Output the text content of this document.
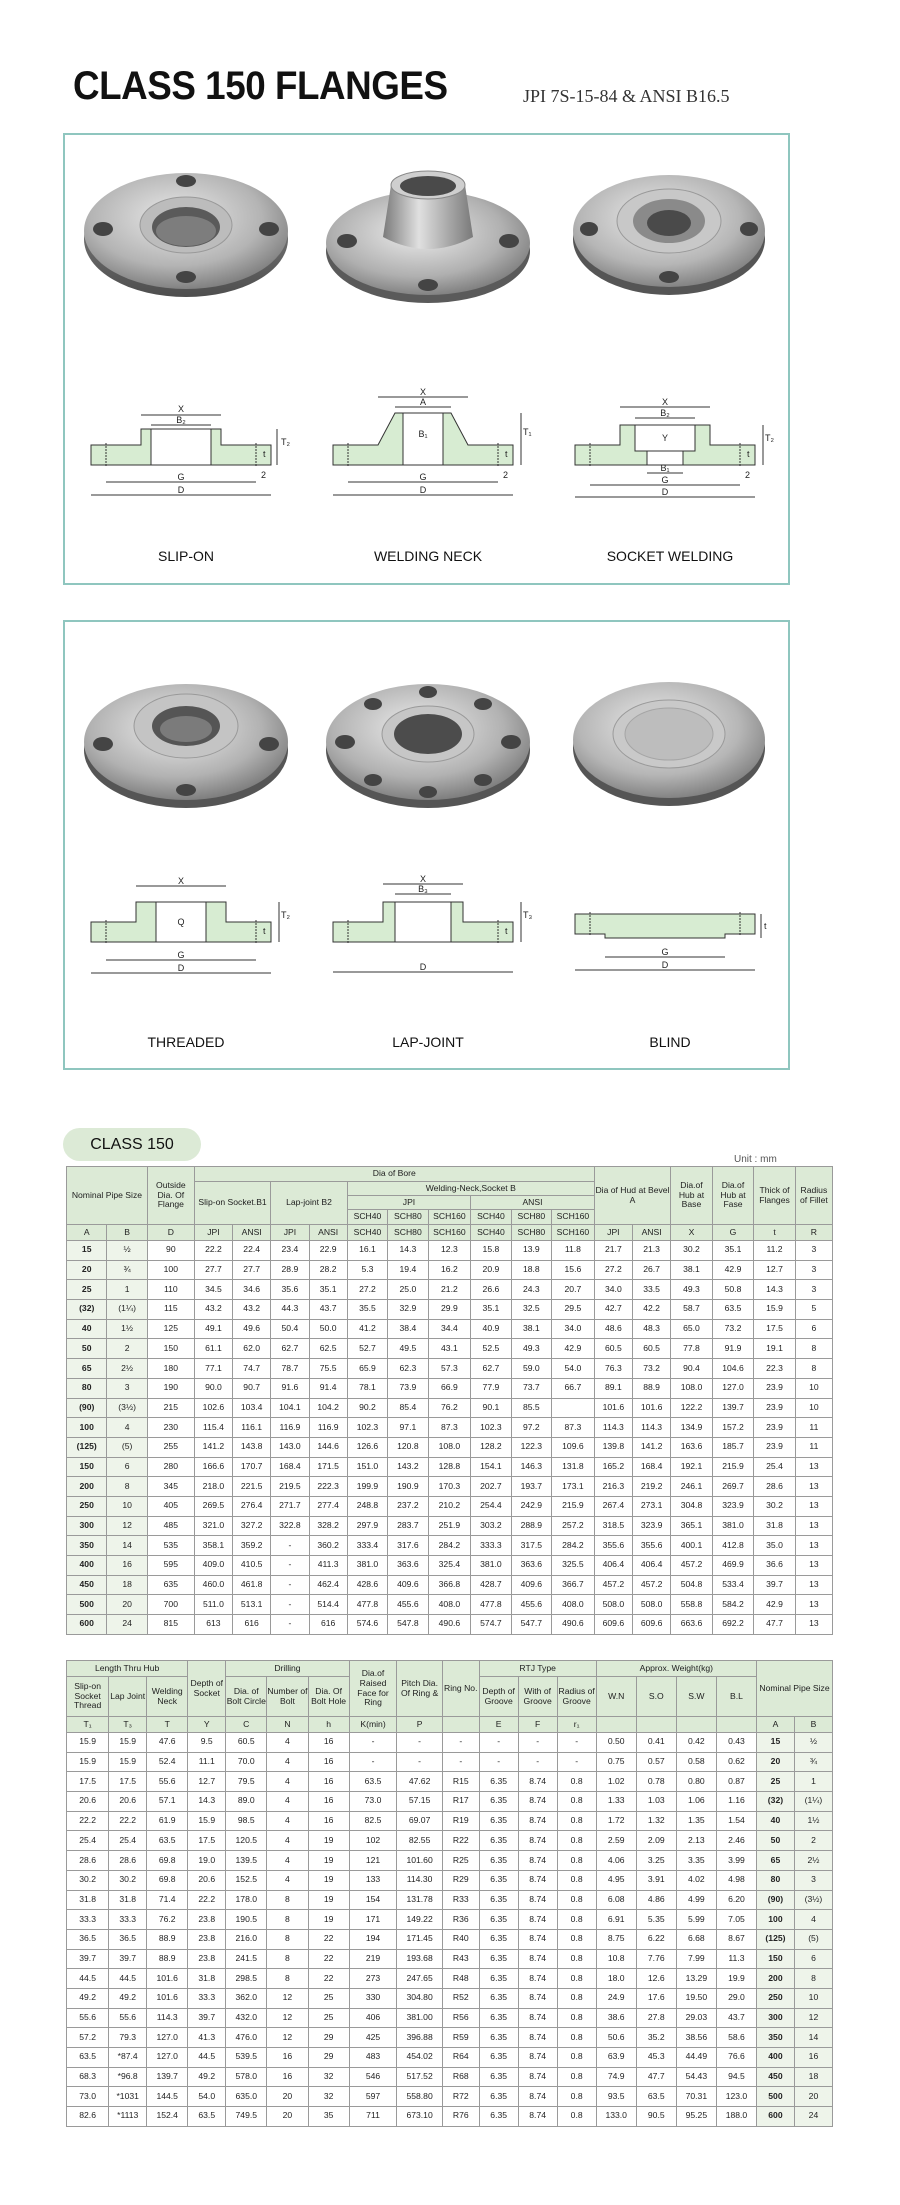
CLASS 150 FLANGES	JPI 7S-15-84 & ANSI B16.5
X
B₂
G
D
T₂
t
2
SLIP-ON
X
A
B₁
G
D
T₁
t
2
WELDING NECK
X
B₂
Y
B₁
G
D
T₂
t
2
SOCKET WELDING
X
Q
G
D
T₂
t
THREADED
X
B₃
D
T₃
t
LAP-JOINT
G
D
t
BLIND
CLASS 150
Unit : mm
Nominal Pipe Size		Outside Dia. Of Flange	Dia of Bore										Dia of Hud at Bevel A		Dia.of Hub at Base	Dia.of Hub at Fase	Thick of Flanges	Radius of Fillet
			Slip-on Socket.B1		Lap-joint B2		Welding-Neck,Socket B											
							JPI			ANSI								
							SCH40	SCH80	SCH160	SCH40	SCH80	SCH160						
A	B	D	JPI	ANSI	JPI	ANSI	SCH40	SCH80	SCH160	SCH40	SCH80	SCH160	JPI	ANSI	X	G	t	R
15	½	90	22.2	22.4	23.4	22.9	16.1	14.3	12.3	15.8	13.9	11.8	21.7	21.3	30.2	35.1	11.2	3
20	¾	100	27.7	27.7	28.9	28.2	5.3	19.4	16.2	20.9	18.8	15.6	27.2	26.7	38.1	42.9	12.7	3
25	1	110	34.5	34.6	35.6	35.1	27.2	25.0	21.2	26.6	24.3	20.7	34.0	33.5	49.3	50.8	14.3	3
(32)	(1¼)	115	43.2	43.2	44.3	43.7	35.5	32.9	29.9	35.1	32.5	29.5	42.7	42.2	58.7	63.5	15.9	5
40	1½	125	49.1	49.6	50.4	50.0	41.2	38.4	34.4	40.9	38.1	34.0	48.6	48.3	65.0	73.2	17.5	6
50	2	150	61.1	62.0	62.7	62.5	52.7	49.5	43.1	52.5	49.3	42.9	60.5	60.5	77.8	91.9	19.1	8
65	2½	180	77.1	74.7	78.7	75.5	65.9	62.3	57.3	62.7	59.0	54.0	76.3	73.2	90.4	104.6	22.3	8
80	3	190	90.0	90.7	91.6	91.4	78.1	73.9	66.9	77.9	73.7	66.7	89.1	88.9	108.0	127.0	23.9	10
(90)	(3½)	215	102.6	103.4	104.1	104.2	90.2	85.4	76.2	90.1	85.5		101.6	101.6	122.2	139.7	23.9	10
100	4	230	115.4	116.1	116.9	116.9	102.3	97.1	87.3	102.3	97.2	87.3	114.3	114.3	134.9	157.2	23.9	11
(125)	(5)	255	141.2	143.8	143.0	144.6	126.6	120.8	108.0	128.2	122.3	109.6	139.8	141.2	163.6	185.7	23.9	11
150	6	280	166.6	170.7	168.4	171.5	151.0	143.2	128.8	154.1	146.3	131.8	165.2	168.4	192.1	215.9	25.4	13
200	8	345	218.0	221.5	219.5	222.3	199.9	190.9	170.3	202.7	193.7	173.1	216.3	219.2	246.1	269.7	28.6	13
250	10	405	269.5	276.4	271.7	277.4	248.8	237.2	210.2	254.4	242.9	215.9	267.4	273.1	304.8	323.9	30.2	13
300	12	485	321.0	327.2	322.8	328.2	297.9	283.7	251.9	303.2	288.9	257.2	318.5	323.9	365.1	381.0	31.8	13
350	14	535	358.1	359.2	-	360.2	333.4	317.6	284.2	333.3	317.5	284.2	355.6	355.6	400.1	412.8	35.0	13
400	16	595	409.0	410.5	-	411.3	381.0	363.6	325.4	381.0	363.6	325.5	406.4	406.4	457.2	469.9	36.6	13
450	18	635	460.0	461.8	-	462.4	428.6	409.6	366.8	428.7	409.6	366.7	457.2	457.2	504.8	533.4	39.7	13
500	20	700	511.0	513.1	-	514.4	477.8	455.6	408.0	477.8	455.6	408.0	508.0	508.0	558.8	584.2	42.9	13
600	24	815	613	616	-	616	574.6	547.8	490.6	574.7	547.7	490.6	609.6	609.6	663.6	692.2	47.7	13
Length Thru Hub			Depth of Socket	Drilling			Dia.of Raised Face for Ring	Pitch Dia. Of Ring &	Ring No.	RTJ Type			Approx. Weight(kg)				Nominal Pipe Size	
Slip-on Socket Thread	Lap Joint	Welding Neck		Dia. of Bolt Circle	Number of Bolt	Dia. Of Bolt Hole				Depth of Groove	With of Groove	Radius of Groove	W.N	S.O	S.W	B.L		
T₁	T₃	T	Y	C	N	h	K(min)	P		E	F	r₁					A	B
15.9	15.9	47.6	9.5	60.5	4	16	-	-	-	-	-	-	0.50	0.41	0.42	0.43	15	½
15.9	15.9	52.4	11.1	70.0	4	16	-	-	-	-	-	-	0.75	0.57	0.58	0.62	20	¾
17.5	17.5	55.6	12.7	79.5	4	16	63.5	47.62	R15	6.35	8.74	0.8	1.02	0.78	0.80	0.87	25	1
20.6	20.6	57.1	14.3	89.0	4	16	73.0	57.15	R17	6.35	8.74	0.8	1.33	1.03	1.06	1.16	(32)	(1¼)
22.2	22.2	61.9	15.9	98.5	4	16	82.5	69.07	R19	6.35	8.74	0.8	1.72	1.32	1.35	1.54	40	1½
25.4	25.4	63.5	17.5	120.5	4	19	102	82.55	R22	6.35	8.74	0.8	2.59	2.09	2.13	2.46	50	2
28.6	28.6	69.8	19.0	139.5	4	19	121	101.60	R25	6.35	8.74	0.8	4.06	3.25	3.35	3.99	65	2½
30.2	30.2	69.8	20.6	152.5	4	19	133	114.30	R29	6.35	8.74	0.8	4.95	3.91	4.02	4.98	80	3
31.8	31.8	71.4	22.2	178.0	8	19	154	131.78	R33	6.35	8.74	0.8	6.08	4.86	4.99	6.20	(90)	(3½)
33.3	33.3	76.2	23.8	190.5	8	19	171	149.22	R36	6.35	8.74	0.8	6.91	5.35	5.99	7.05	100	4
36.5	36.5	88.9	23.8	216.0	8	22	194	171.45	R40	6.35	8.74	0.8	8.75	6.22	6.68	8.67	(125)	(5)
39.7	39.7	88.9	23.8	241.5	8	22	219	193.68	R43	6.35	8.74	0.8	10.8	7.76	7.99	11.3	150	6
44.5	44.5	101.6	31.8	298.5	8	22	273	247.65	R48	6.35	8.74	0.8	18.0	12.6	13.29	19.9	200	8
49.2	49.2	101.6	33.3	362.0	12	25	330	304.80	R52	6.35	8.74	0.8	24.9	17.6	19.50	29.0	250	10
55.6	55.6	114.3	39.7	432.0	12	25	406	381.00	R56	6.35	8.74	0.8	38.6	27.8	29.03	43.7	300	12
57.2	79.3	127.0	41.3	476.0	12	29	425	396.88	R59	6.35	8.74	0.8	50.6	35.2	38.56	58.6	350	14
63.5	*87.4	127.0	44.5	539.5	16	29	483	454.02	R64	6.35	8.74	0.8	63.9	45.3	44.49	76.6	400	16
68.3	*96.8	139.7	49.2	578.0	16	32	546	517.52	R68	6.35	8.74	0.8	74.9	47.7	54.43	94.5	450	18
73.0	*1031	144.5	54.0	635.0	20	32	597	558.80	R72	6.35	8.74	0.8	93.5	63.5	70.31	123.0	500	20
82.6	*1113	152.4	63.5	749.5	20	35	711	673.10	R76	6.35	8.74	0.8	133.0	90.5	95.25	188.0	600	24
